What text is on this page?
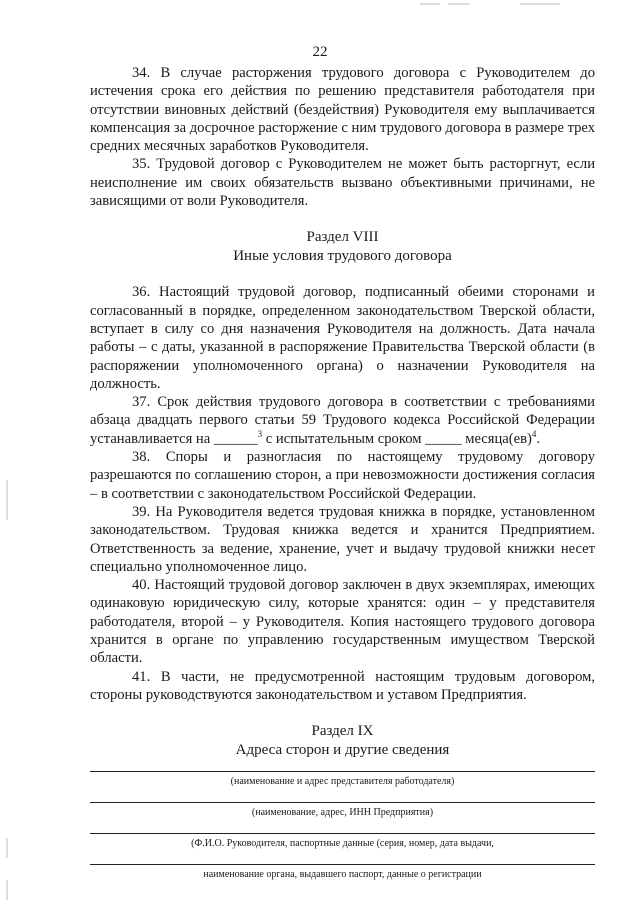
22

34. В случае расторжения трудового договора с Руководителем до истечения срока его действия по решению представителя работодателя при отсутствии виновных действий (бездействия) Руководителя ему выплачивается компенсация за досрочное расторжение с ним трудового договора в размере трех средних месячных заработков Руководителя.

35. Трудовой договор с Руководителем не может быть расторгнут, если неисполнение им своих обязательств вызвано объективными причинами, не зависящими от воли Руководителя.

Раздел VIII

Иные условия трудового договора

36. Настоящий трудовой договор, подписанный обеими сторонами и согласованный в порядке, определенном законодательством Тверской области, вступает в силу со дня назначения Руководителя на должность. Дата начала работы – с даты, указанной в распоряжение Правительства Тверской области (в распоряжении уполномоченного органа) о назначении Руководителя на должность.

37. Срок действия трудового договора в соответствии с требованиями абзаца двадцать первого статьи 59 Трудового кодекса Российской Федерации устанавливается на ______$^3$ с испытательным сроком _____ месяца(ев)$^4$.

38. Споры и разногласия по настоящему трудовому договору разрешаются по соглашению сторон, а при невозможности достижения согласия – в соответствии с законодательством Российской Федерации.

39. На Руководителя ведется трудовая книжка в порядке, установленном законодательством. Трудовая книжка ведется и хранится Предприятием. Ответственность за ведение, хранение, учет и выдачу трудовой книжки несет специально уполномоченное лицо.

40. Настоящий трудовой договор заключен в двух экземплярах, имеющих одинаковую юридическую силу, которые хранятся: один – у представителя работодателя, второй – у Руководителя. Копия настоящего трудового договора хранится в органе по управлению государственным имуществом Тверской области.

41. В части, не предусмотренной настоящим трудовым договором, стороны руководствуются законодательством и уставом Предприятия.

Раздел IX

Адреса сторон и другие сведения

(наименование и адрес представителя работодателя)
(наименование, адрес, ИНН Предприятия)
(Ф.И.О. Руководителя, паспортные данные (серия, номер, дата выдачи,
наименование органа, выдавшего паспорт, данные о регистрации
